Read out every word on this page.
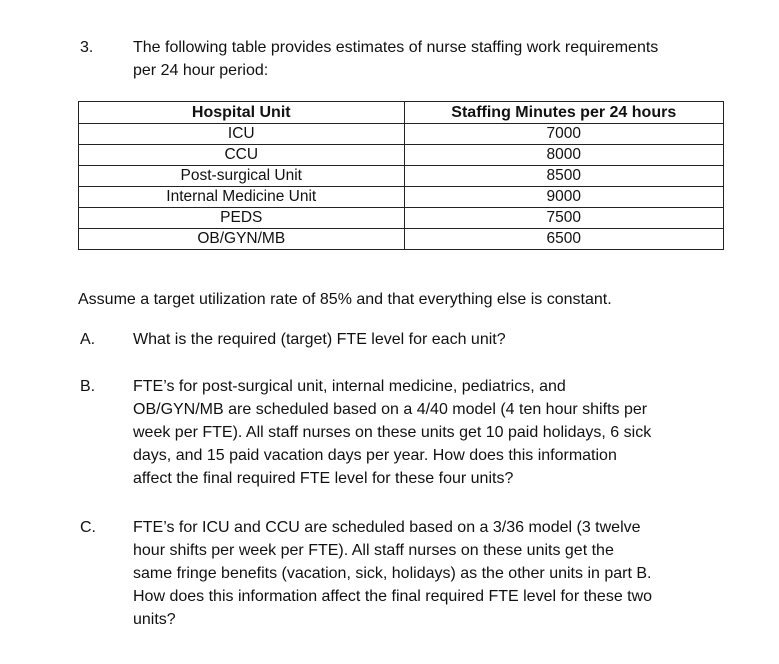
3. The following table provides estimates of nurse staffing work requirements
per 24 hour period:
Hospital Unit	Staffing Minutes per 24 hours
ICU	7000
CCU	8000
Post-surgical Unit	8500
Internal Medicine Unit	9000
PEDS	7500
OB/GYN/MB	6500
Assume a target utilization rate of 85% and that everything else is constant.
A. What is the required (target) FTE level for each unit?
B. FTE’s for post-surgical unit, internal medicine, pediatrics, and
OB/GYN/MB are scheduled based on a 4/40 model (4 ten hour shifts per
week per FTE). All staff nurses on these units get 10 paid holidays, 6 sick
days, and 15 paid vacation days per year. How does this information
affect the final required FTE level for these four units?
C. FTE’s for ICU and CCU are scheduled based on a 3/36 model (3 twelve
hour shifts per week per FTE). All staff nurses on these units get the
same fringe benefits (vacation, sick, holidays) as the other units in part B.
How does this information affect the final required FTE level for these two
units?
